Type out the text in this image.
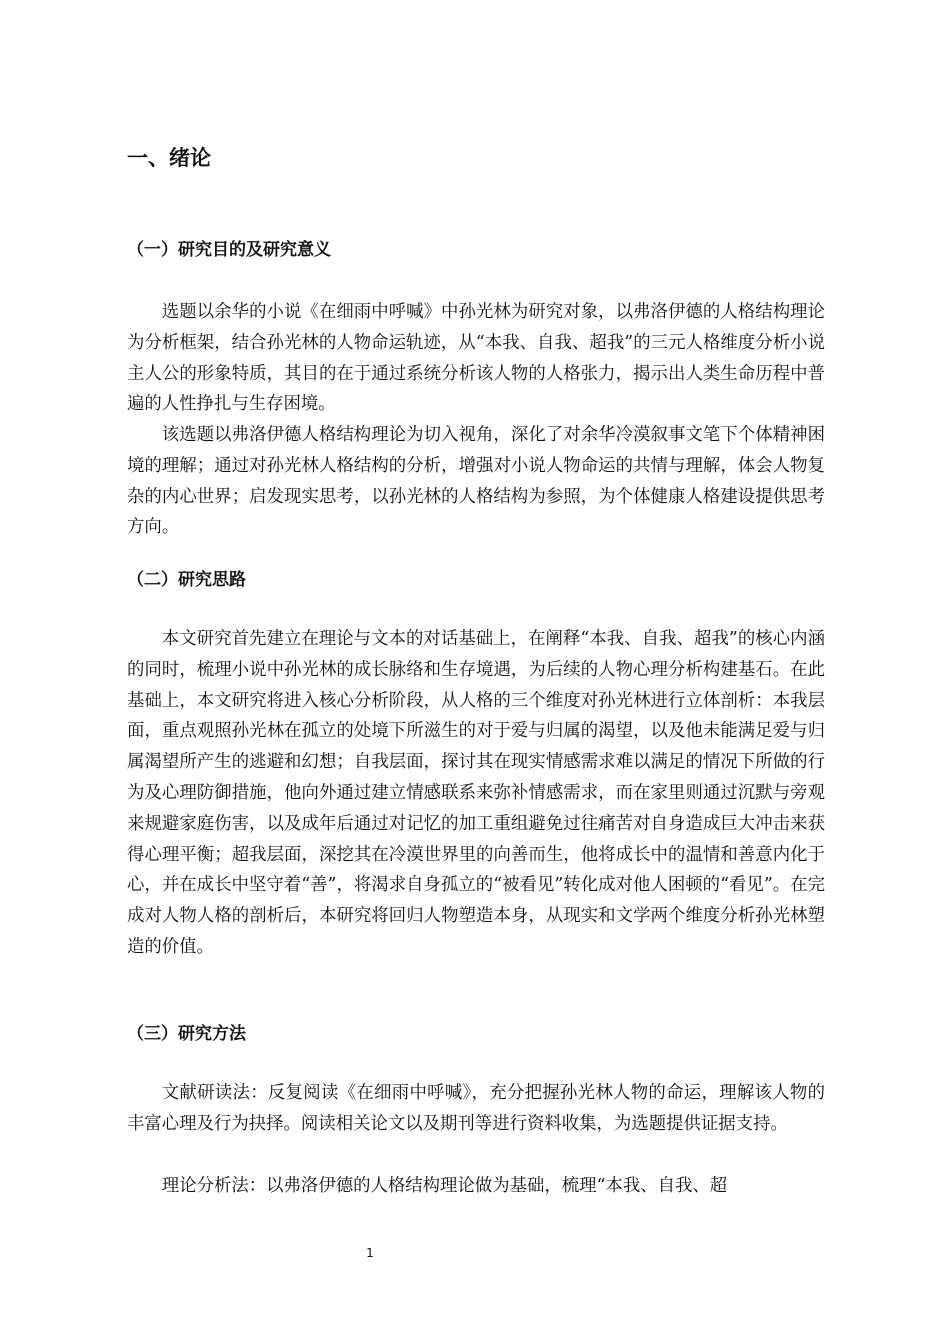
一、绪论
（一）研究目的及研究意义

选题以余华的小说《在细雨中呼喊》中孙光林为研究对象，以弗洛伊德的人格结构理论为分析框架，结合孙光林的人物命运轨迹，从“本我、自我、超我”的三元人格维度分析小说主人公的形象特质，其目的在于通过系统分析该人物的人格张力，揭示出人类生命历程中普遍的人性挣扎与生存困境。

该选题以弗洛伊德人格结构理论为切入视角，深化了对余华冷漠叙事文笔下个体精神困境的理解；通过对孙光林人格结构的分析，增强对小说人物命运的共情与理解，体会人物复杂的内心世界；启发现实思考，以孙光林的人格结构为参照，为个体健康人格建设提供思考方向。

（二）研究思路

本文研究首先建立在理论与文本的对话基础上，在阐释“本我、自我、超我”的核心内涵的同时，梳理小说中孙光林的成长脉络和生存境遇，为后续的人物心理分析构建基石。在此基础上，本文研究将进入核心分析阶段，从人格的三个维度对孙光林进行立体剖析：本我层面，重点观照孙光林在孤立的处境下所滋生的对于爱与归属的渴望，以及他未能满足爱与归属渴望所产生的逃避和幻想；自我层面，探讨其在现实情感需求难以满足的情况下所做的行为及心理防御措施，他向外通过建立情感联系来弥补情感需求，而在家里则通过沉默与旁观来规避家庭伤害，以及成年后通过对记忆的加工重组避免过往痛苦对自身造成巨大冲击来获得心理平衡；超我层面，深挖其在冷漠世界里的向善而生，他将成长中的温情和善意内化于心，并在成长中坚守着“善”，将渴求自身孤立的“被看见”转化成对他人困顿的“看见”。在完成对人物人格的剖析后，本研究将回归人物塑造本身，从现实和文学两个维度分析孙光林塑造的价值。

（三）研究方法

文献研读法：反复阅读《在细雨中呼喊》，充分把握孙光林人物的命运，理解该人物的丰富心理及行为抉择。阅读相关论文以及期刊等进行资料收集，为选题提供证据支持。

理论分析法：以弗洛伊德的人格结构理论做为基础，梳理“本我、自我、超

1
